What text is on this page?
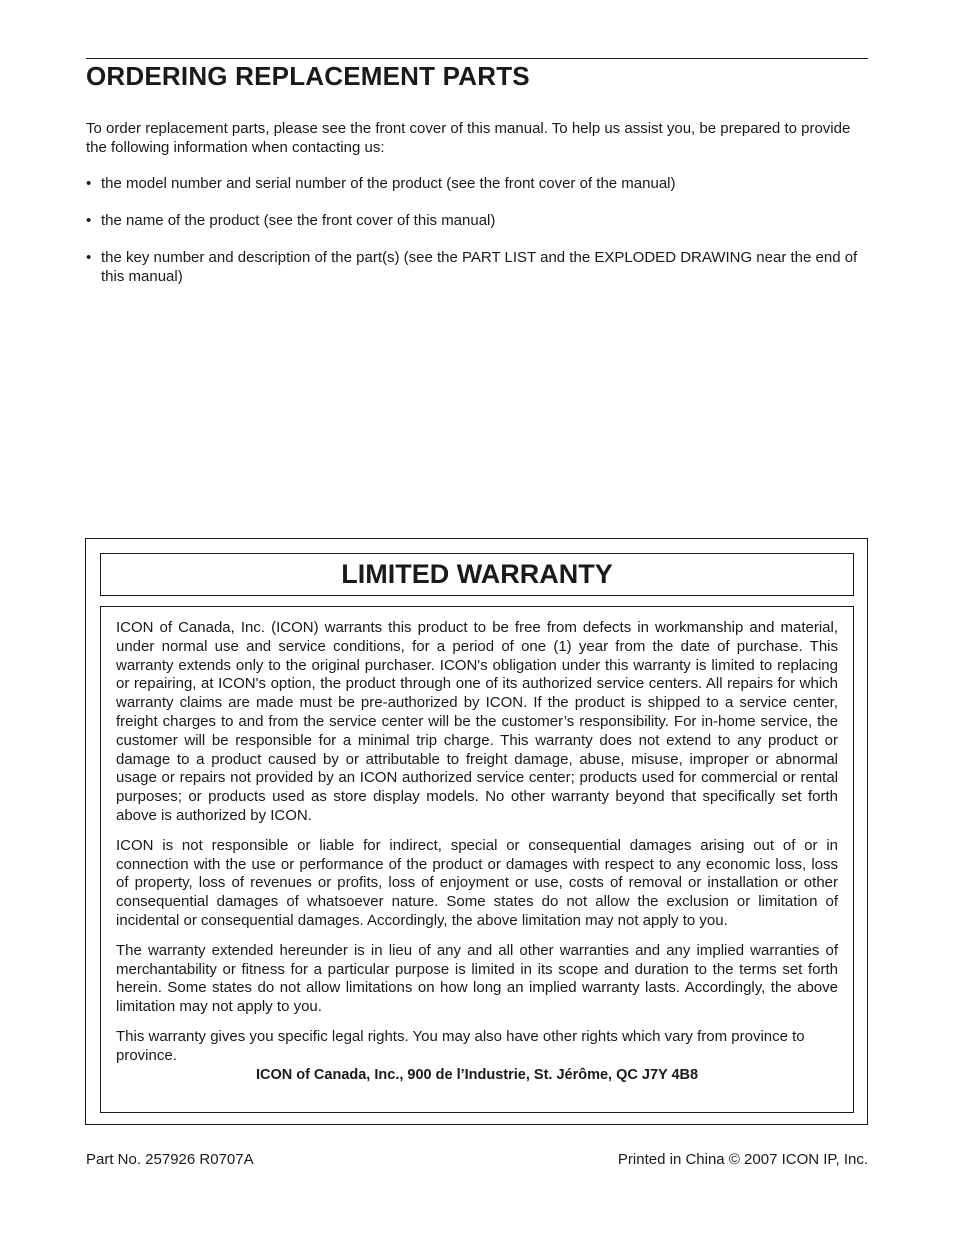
ORDERING REPLACEMENT PARTS

To order replacement parts, please see the front cover of this manual. To help us assist you, be prepared to provide the following information when contacting us:

• the model number and serial number of the product (see the front cover of the manual)
• the name of the product (see the front cover of this manual)
• the key number and description of the part(s) (see the PART LIST and the EXPLODED DRAWING near the end of this manual)
LIMITED WARRANTY

ICON of Canada, Inc. (ICON) warrants this product to be free from defects in workmanship and material, under normal use and service conditions, for a period of one (1) year from the date of purchase. This warranty extends only to the original purchaser. ICON's obligation under this warranty is limited to replacing or repairing, at ICON's option, the product through one of its authorized service centers. All repairs for which warranty claims are made must be pre-authorized by ICON. If the product is shipped to a service center, freight charges to and from the service center will be the customer’s responsibility. For in-home service, the customer will be responsible for a minimal trip charge. This warranty does not extend to any product or damage to a product caused by or attributable to freight damage, abuse, misuse, improper or abnormal usage or repairs not provided by an ICON authorized service center; products used for commercial or rental purposes; or products used as store display models. No other warranty beyond that specifically set forth above is authorized by ICON.

ICON is not responsible or liable for indirect, special or consequential damages arising out of or in connection with the use or performance of the product or damages with respect to any economic loss, loss of property, loss of revenues or profits, loss of enjoyment or use, costs of removal or installation or other consequential damages of whatsoever nature. Some states do not allow the exclusion or limitation of incidental or consequential damages. Accordingly, the above limitation may not apply to you.

The warranty extended hereunder is in lieu of any and all other warranties and any implied warranties of merchantability or fitness for a particular purpose is limited in its scope and duration to the terms set forth herein. Some states do not allow limitations on how long an implied warranty lasts. Accordingly, the above limitation may not apply to you.

This warranty gives you specific legal rights. You may also have other rights which vary from province to province.

ICON of Canada, Inc., 900 de l’Industrie, St. Jérôme, QC J7Y 4B8
Part No. 257926 R0707A	Printed in China © 2007 ICON IP, Inc.
